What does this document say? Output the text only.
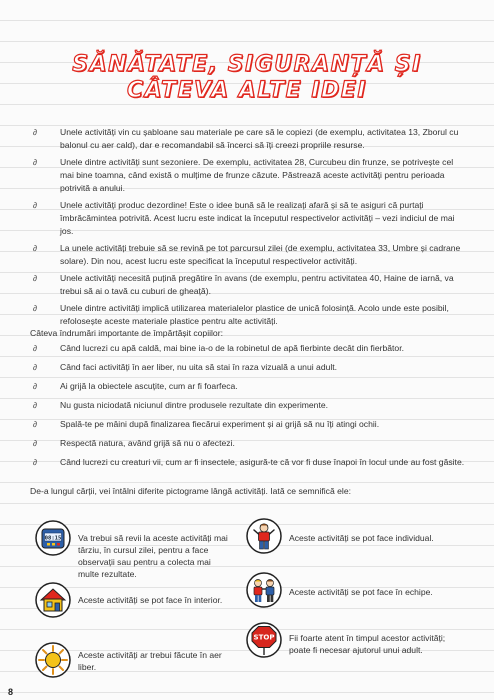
SĂNĂTATE, SIGURANȚĂ ȘI
CÂTEVA ALTE IDEI
∂	Unele activități vin cu șabloane sau materiale pe care să le copiezi (de exemplu, activitatea 13, Zborul cu balonul cu aer cald), dar e recomandabil să încerci să îți creezi propriile resurse.
∂	Unele dintre activități sunt sezoniere. De exemplu, activitatea 28, Curcubeu din frunze, se potrivește cel mai bine toamna, când există o mulțime de frunze căzute. Păstrează aceste activități pentru perioada potrivită a anului.
∂	Unele activități produc dezordine! Este o idee bună să le realizați afară și să te asiguri că purtați îmbrăcămintea potrivită. Acest lucru este indicat la începutul respectivelor activități – vezi indiciul de mai jos.
∂	La unele activități trebuie să se revină pe tot parcursul zilei (de exemplu, activitatea 33, Umbre și cadrane solare). Din nou, acest lucru este specificat la începutul respectivelor activități.
∂	Unele activități necesită puțină pregătire în avans (de exemplu, pentru activitatea 40, Haine de iarnă, va trebui să ai o tavă cu cuburi de gheață).
∂	Unele dintre activități implică utilizarea materialelor plastice de unică folosință. Acolo unde este posibil, refolosește aceste materiale plastice pentru alte activități.
Câteva îndrumări importante de împărtășit copiilor:
∂	Când lucrezi cu apă caldă, mai bine ia-o de la robinetul de apă fierbinte decât din fierbător.
∂	Când faci activități în aer liber, nu uita să stai în raza vizuală a unui adult.
∂	Ai grijă la obiectele ascuțite, cum ar fi foarfeca.
∂	Nu gusta niciodată niciunul dintre produsele rezultate din experimente.
∂	Spală-te pe mâini după finalizarea fiecărui experiment și ai grijă să nu îți atingi ochii.
∂	Respectă natura, având grijă să nu o afectezi.
∂	Când lucrezi cu creaturi vii, cum ar fi insectele, asigură-te că vor fi duse înapoi în locul unde au fost găsite.
De-a lungul cărții, vei întâlni diferite pictograme lângă activități. Iată ce semnifică ele:
08:15 Va trebui să revii la aceste activități mai târziu, în cursul zilei, pentru a face observații sau pentru a colecta mai multe rezultate.
Aceste activități se pot face în interior.
Aceste activități ar trebui făcute în aer liber.
Aceste activități se pot face individual.
Aceste activități se pot face în echipe.
STOP Fii foarte atent în timpul acestor activități; poate fi necesar ajutorul unui adult.
8
